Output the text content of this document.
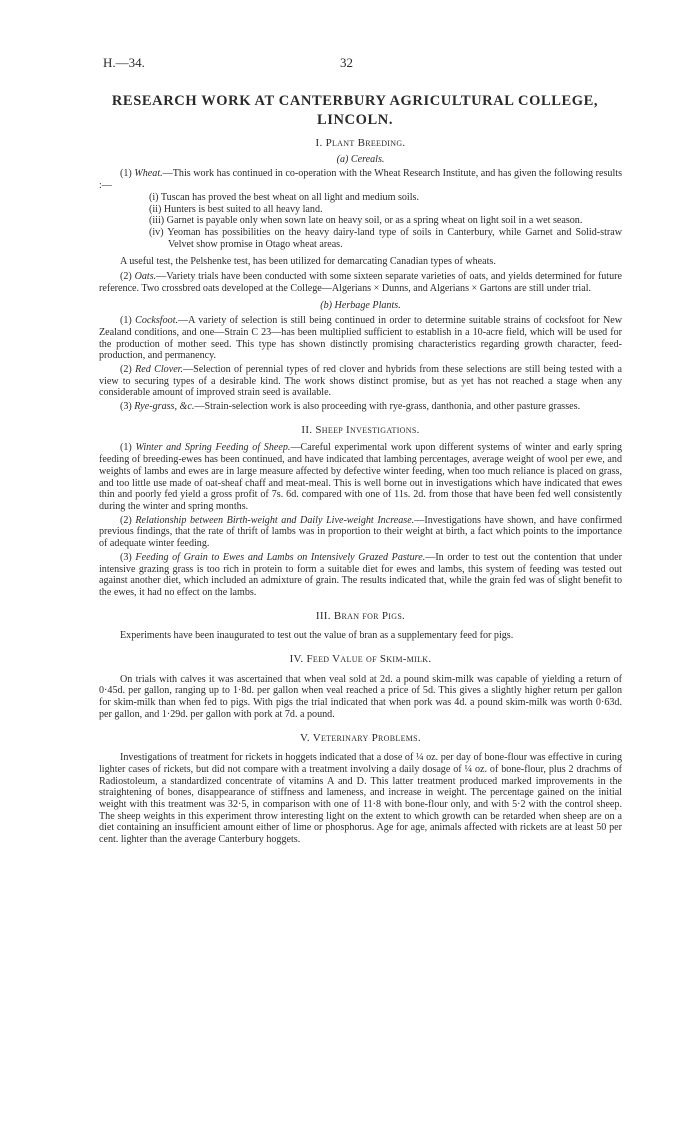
H.—34.	32
RESEARCH WORK AT CANTERBURY AGRICULTURAL COLLEGE, LINCOLN.
I. Plant Breeding.
(a) Cereals.

(1) Wheat.—This work has continued in co-operation with the Wheat Research Institute, and has given the following results :—

(i) Tuscan has proved the best wheat on all light and medium soils.
(ii) Hunters is best suited to all heavy land.
(iii) Garnet is payable only when sown late on heavy soil, or as a spring wheat on light soil in a wet season.
(iv) Yeoman has possibilities on the heavy dairy-land type of soils in Canterbury, while Garnet and Solid-straw Velvet show promise in Otago wheat areas.

A useful test, the Pelshenke test, has been utilized for demarcating Canadian types of wheats.

(2) Oats.—Variety trials have been conducted with some sixteen separate varieties of oats, and yields determined for future reference. Two crossbred oats developed at the College—Algerians × Dunns, and Algerians × Gartons are still under trial.

(b) Herbage Plants.

(1) Cocksfoot.—A variety of selection is still being continued in order to determine suitable strains of cocksfoot for New Zealand conditions, and one—Strain C 23—has been multiplied sufficient to establish in a 10-acre field, which will be used for the production of mother seed. This type has shown distinctly promising characteristics regarding growth character, feed-production, and permanency.

(2) Red Clover.—Selection of perennial types of red clover and hybrids from these selections are still being tested with a view to securing types of a desirable kind. The work shows distinct promise, but as yet has not reached a stage when any considerable amount of improved strain seed is available.

(3) Rye-grass, &c.—Strain-selection work is also proceeding with rye-grass, danthonia, and other pasture grasses.

II. Sheep Investigations.

(1) Winter and Spring Feeding of Sheep.—Careful experimental work upon different systems of winter and early spring feeding of breeding-ewes has been continued, and have indicated that lambing percentages, average weight of wool per ewe, and weights of lambs and ewes are in large measure affected by defective winter feeding, when too much reliance is placed on grass, and too little use made of oat-sheaf chaff and meat-meal. This is well borne out in investigations which have indicated that ewes thin and poorly fed yield a gross profit of 7s. 6d. compared with one of 11s. 2d. from those that have been fed well consistently during the winter and spring months.

(2) Relationship between Birth-weight and Daily Live-weight Increase.—Investigations have shown, and have confirmed previous findings, that the rate of thrift of lambs was in proportion to their weight at birth, a fact which points to the importance of adequate winter feeding.

(3) Feeding of Grain to Ewes and Lambs on Intensively Grazed Pasture.—In order to test out the contention that under intensive grazing grass is too rich in protein to form a suitable diet for ewes and lambs, this system of feeding was tested out against another diet, which included an admixture of grain. The results indicated that, while the grain fed was of slight benefit to the ewes, it had no effect on the lambs.

III. Bran for Pigs.

Experiments have been inaugurated to test out the value of bran as a supplementary feed for pigs.

IV. Feed Value of Skim-milk.

On trials with calves it was ascertained that when veal sold at 2d. a pound skim-milk was capable of yielding a return of 0·45d. per gallon, ranging up to 1·8d. per gallon when veal reached a price of 5d. This gives a slightly higher return per gallon for skim-milk than when fed to pigs. With pigs the trial indicated that when pork was 4d. a pound skim-milk was worth 0·63d. per gallon, and 1·29d. per gallon with pork at 7d. a pound.

V. Veterinary Problems.

Investigations of treatment for rickets in hoggets indicated that a dose of ¼ oz. per day of bone-flour was effective in curing lighter cases of rickets, but did not compare with a treatment involving a daily dosage of ¼ oz. of bone-flour, plus 2 drachms of Radiostoleum, a standardized concentrate of vitamins A and D. This latter treatment produced marked improvements in the straightening of bones, disappearance of stiffness and lameness, and increase in weight. The percentage gained on the initial weight with this treatment was 32·5, in comparison with one of 11·8 with bone-flour only, and with 5·2 with the control sheep. The sheep weights in this experiment throw interesting light on the extent to which growth can be retarded when sheep are on a diet containing an insufficient amount either of lime or phosphorus. Age for age, animals affected with rickets are at least 50 per cent. lighter than the average Canterbury hoggets.
